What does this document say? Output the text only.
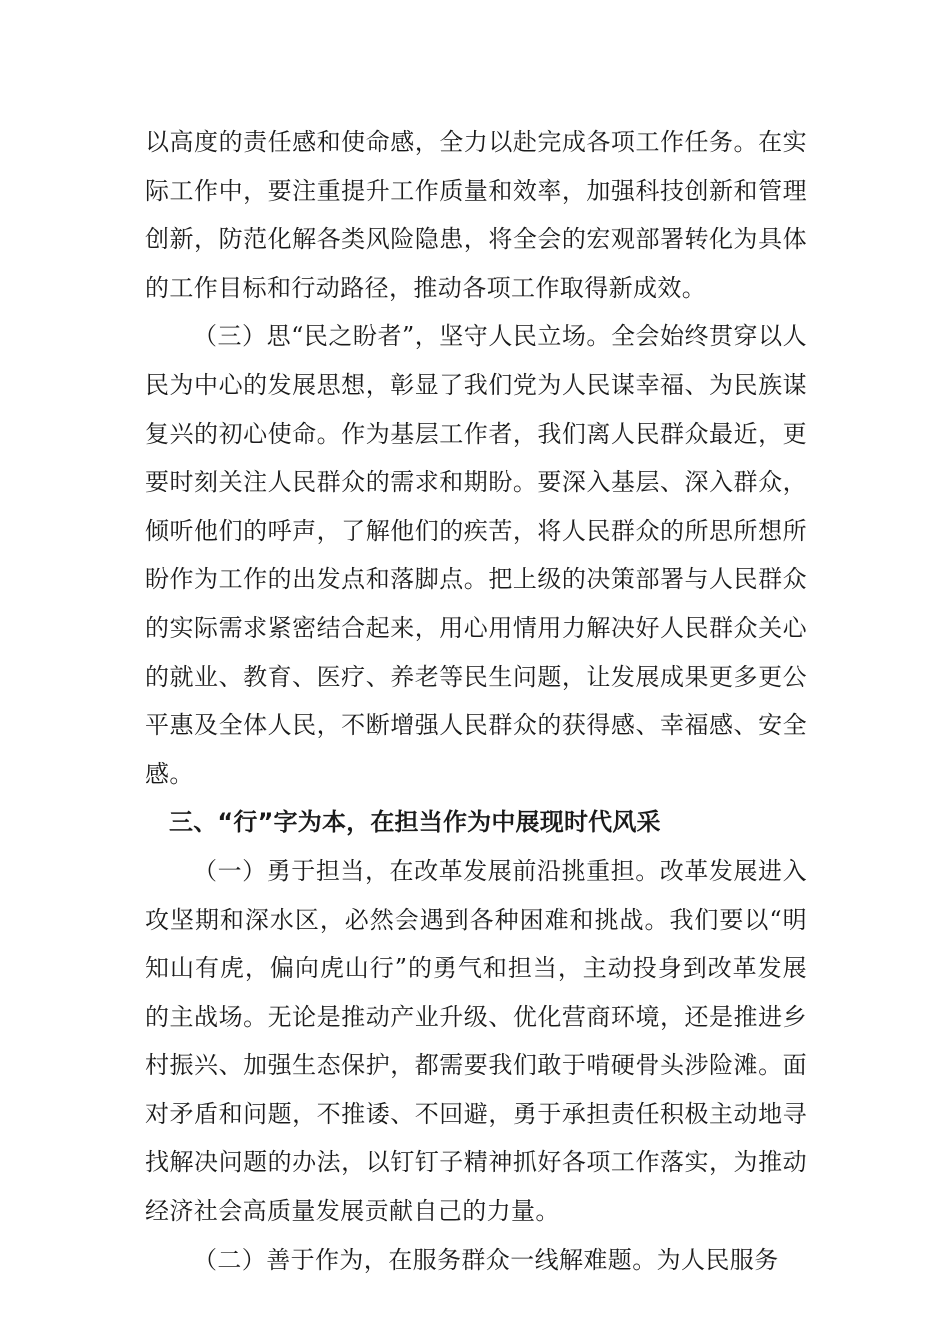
以高度的责任感和使命感，全力以赴完成各项工作任务。在实际工作中，要注重提升工作质量和效率，加强科技创新和管理创新，防范化解各类风险隐患，将全会的宏观部署转化为具体的工作目标和行动路径，推动各项工作取得新成效。

（三）思“民之盼者”，坚守人民立场。全会始终贯穿以人民为中心的发展思想，彰显了我们党为人民谋幸福、为民族谋复兴的初心使命。作为基层工作者，我们离人民群众最近，更要时刻关注人民群众的需求和期盼。要深入基层、深入群众，倾听他们的呼声，了解他们的疾苦，将人民群众的所思所想所盼作为工作的出发点和落脚点。把上级的决策部署与人民群众的实际需求紧密结合起来，用心用情用力解决好人民群众关心的就业、教育、医疗、养老等民生问题，让发展成果更多更公平惠及全体人民，不断增强人民群众的获得感、幸福感、安全感。

三、“行”字为本，在担当作为中展现时代风采

（一）勇于担当，在改革发展前沿挑重担。改革发展进入攻坚期和深水区，必然会遇到各种困难和挑战。我们要以“明知山有虎，偏向虎山行”的勇气和担当，主动投身到改革发展的主战场。无论是推动产业升级、优化营商环境，还是推进乡村振兴、加强生态保护，都需要我们敢于啃硬骨头涉险滩。面对矛盾和问题，不推诿、不回避，勇于承担责任积极主动地寻找解决问题的办法，以钉钉子精神抓好各项工作落实，为推动经济社会高质量发展贡献自己的力量。

（二）善于作为，在服务群众一线解难题。为人民服务
